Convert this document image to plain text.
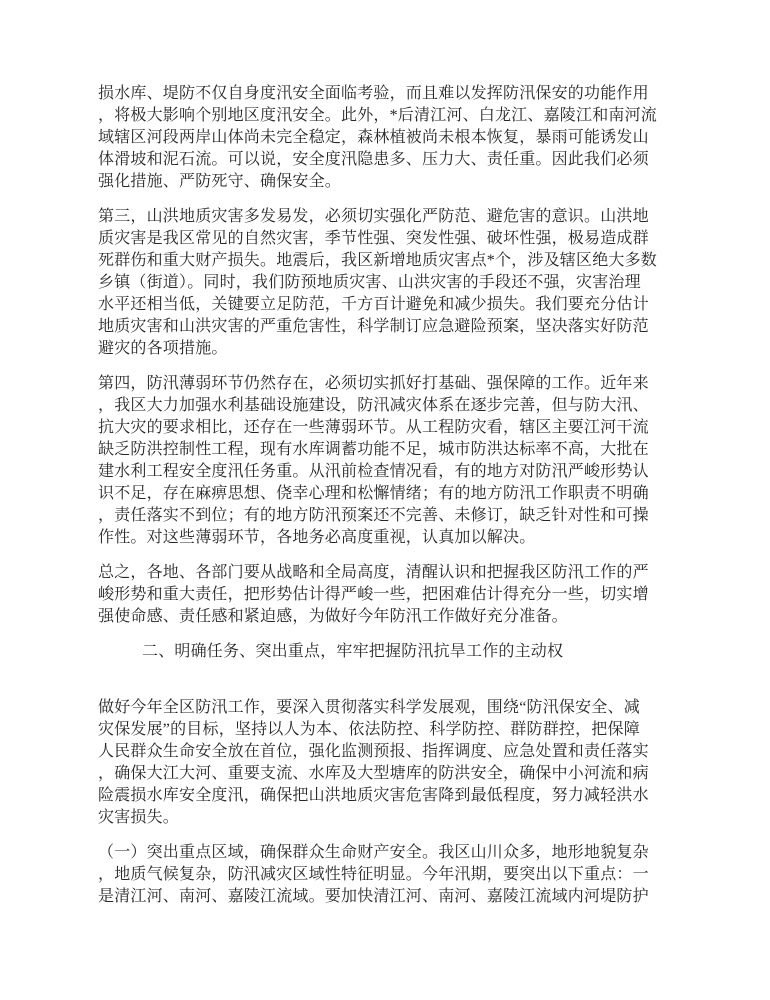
损水库、堤防不仅自身度汛安全面临考验，而且难以发挥防汛保安的功能作用
，将极大影响个别地区度汛安全。此外，*后清江河、白龙江、嘉陵江和南河流
域辖区河段两岸山体尚未完全稳定，森林植被尚未根本恢复，暴雨可能诱发山
体滑坡和泥石流。可以说，安全度汛隐患多、压力大、责任重。因此我们必须
强化措施、严防死守、确保安全。

第三，山洪地质灾害多发易发，必须切实强化严防范、避危害的意识。山洪地
质灾害是我区常见的自然灾害，季节性强、突发性强、破坏性强，极易造成群
死群伤和重大财产损失。地震后，我区新增地质灾害点*个，涉及辖区绝大多数
乡镇（街道）。同时，我们防预地质灾害、山洪灾害的手段还不强，灾害治理
水平还相当低，关键要立足防范，千方百计避免和减少损失。我们要充分估计
地质灾害和山洪灾害的严重危害性，科学制订应急避险预案，坚决落实好防范
避灾的各项措施。

第四，防汛薄弱环节仍然存在，必须切实抓好打基础、强保障的工作。近年来
，我区大力加强水利基础设施建设，防汛减灾体系在逐步完善，但与防大汛、
抗大灾的要求相比，还存在一些薄弱环节。从工程防灾看，辖区主要江河干流
缺乏防洪控制性工程，现有水库调蓄功能不足，城市防洪达标率不高，大批在
建水利工程安全度汛任务重。从汛前检查情况看，有的地方对防汛严峻形势认
识不足，存在麻痹思想、侥幸心理和松懈情绪；有的地方防汛工作职责不明确
，责任落实不到位；有的地方防汛预案还不完善、未修订，缺乏针对性和可操
作性。对这些薄弱环节，各地务必高度重视，认真加以解决。

总之，各地、各部门要从战略和全局高度，清醒认识和把握我区防汛工作的严
峻形势和重大责任，把形势估计得严峻一些，把困难估计得充分一些，切实增
强使命感、责任感和紧迫感，为做好今年防汛工作做好充分准备。

二、明确任务、突出重点，牢牢把握防汛抗旱工作的主动权

做好今年全区防汛工作，要深入贯彻落实科学发展观，围绕“防汛保安全、减
灾保发展”的目标，坚持以人为本、依法防控、科学防控、群防群控，把保障
人民群众生命安全放在首位，强化监测预报、指挥调度、应急处置和责任落实
，确保大江大河、重要支流、水库及大型塘库的防洪安全，确保中小河流和病
险震损水库安全度汛，确保把山洪地质灾害危害降到最低程度，努力减轻洪水
灾害损失。

（一）突出重点区域，确保群众生命财产安全。我区山川众多，地形地貌复杂
，地质气候复杂，防汛减灾区域性特征明显。今年汛期，要突出以下重点：一
是清江河、南河、嘉陵江流域。要加快清江河、南河、嘉陵江流域内河堤防护
